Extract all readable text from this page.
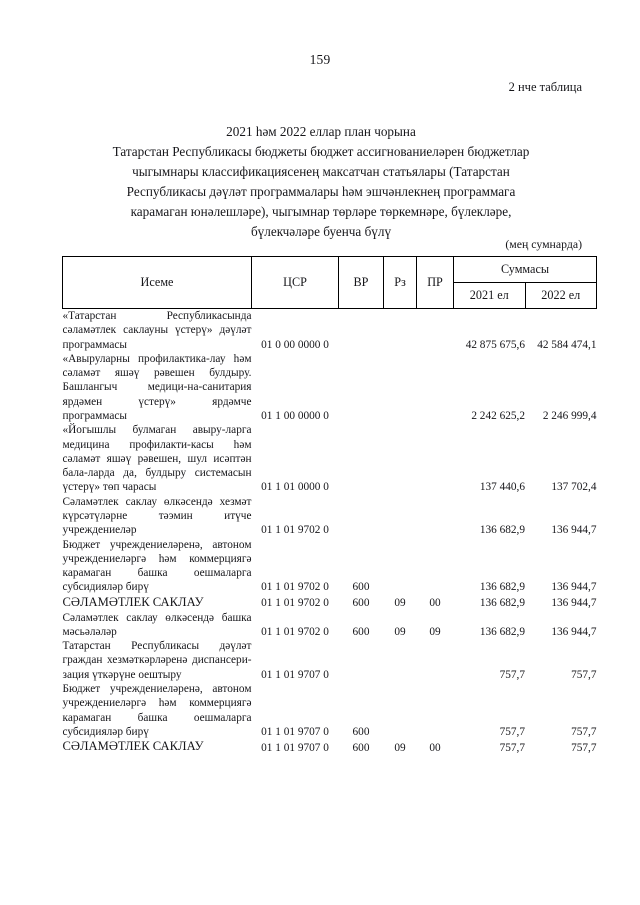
159
2 нче таблица
2021 һәм 2022 еллар план чорына
Татарстан Республикасы бюджеты бюджет ассигнованиеләрен бюджетлар
чыгымнары классификациясенең максатчан статьялары (Татарстан
Республикасы дәүләт программалары һәм эшчәнлекнең программага
карамаган юнәлешләре), чыгымнар төрләре төркемнәре, бүлекләре,
бүлекчәләре буенча бүлү
(мең сумнарда)
Исеме	ЦСР	ВР	Рз	ПР	Суммасы	
					2021 ел	2022 ел
«Татарстан Республикасында сәламәтлек саклауны үстерү» дәүләт программасы	01 0 00 0000 0				42 875 675,6	42 584 474,1
«Авыруларны профилактика-лау һәм сәламәт яшәү рәвешен булдыру. Башлангыч медици-на-санитария ярдәмен үстерү» ярдәмче программасы	01 1 00 0000 0				2 242 625,2	2 246 999,4
«Йогышлы булмаган авыру-ларга медицина профилакти-касы һәм сәламәт яшәү рәвешен, шул исәптән бала-ларда да, булдыру системасын үстерү» төп чарасы	01 1 01 0000 0				137 440,6	137 702,4
Сәламәтлек саклау өлкәсендә хезмәт күрсәтүләрне тәэмин итүче учреждениеләр	01 1 01 9702 0				136 682,9	136 944,7
Бюджет учреждениеләренә, автоном учреждениеләргә һәм коммерциягә карамаган башка оешмаларга субсидияләр бирү	01 1 01 9702 0	600			136 682,9	136 944,7
СӘЛАМӘТЛЕК САКЛАУ	01 1 01 9702 0	600	09	00	136 682,9	136 944,7
Сәламәтлек саклау өлкәсендә башка мәсьәләләр	01 1 01 9702 0	600	09	09	136 682,9	136 944,7
Татарстан Республикасы дәүләт граждан хезмәткәрләренә диспансери-зация үткәрүне оештыру	01 1 01 9707 0				757,7	757,7
Бюджет учреждениеләренә, автоном учреждениеләргә һәм коммерциягә карамаган башка оешмаларга субсидияләр бирү	01 1 01 9707 0	600			757,7	757,7
СӘЛАМӘТЛЕК САКЛАУ	01 1 01 9707 0	600	09	00	757,7	757,7
